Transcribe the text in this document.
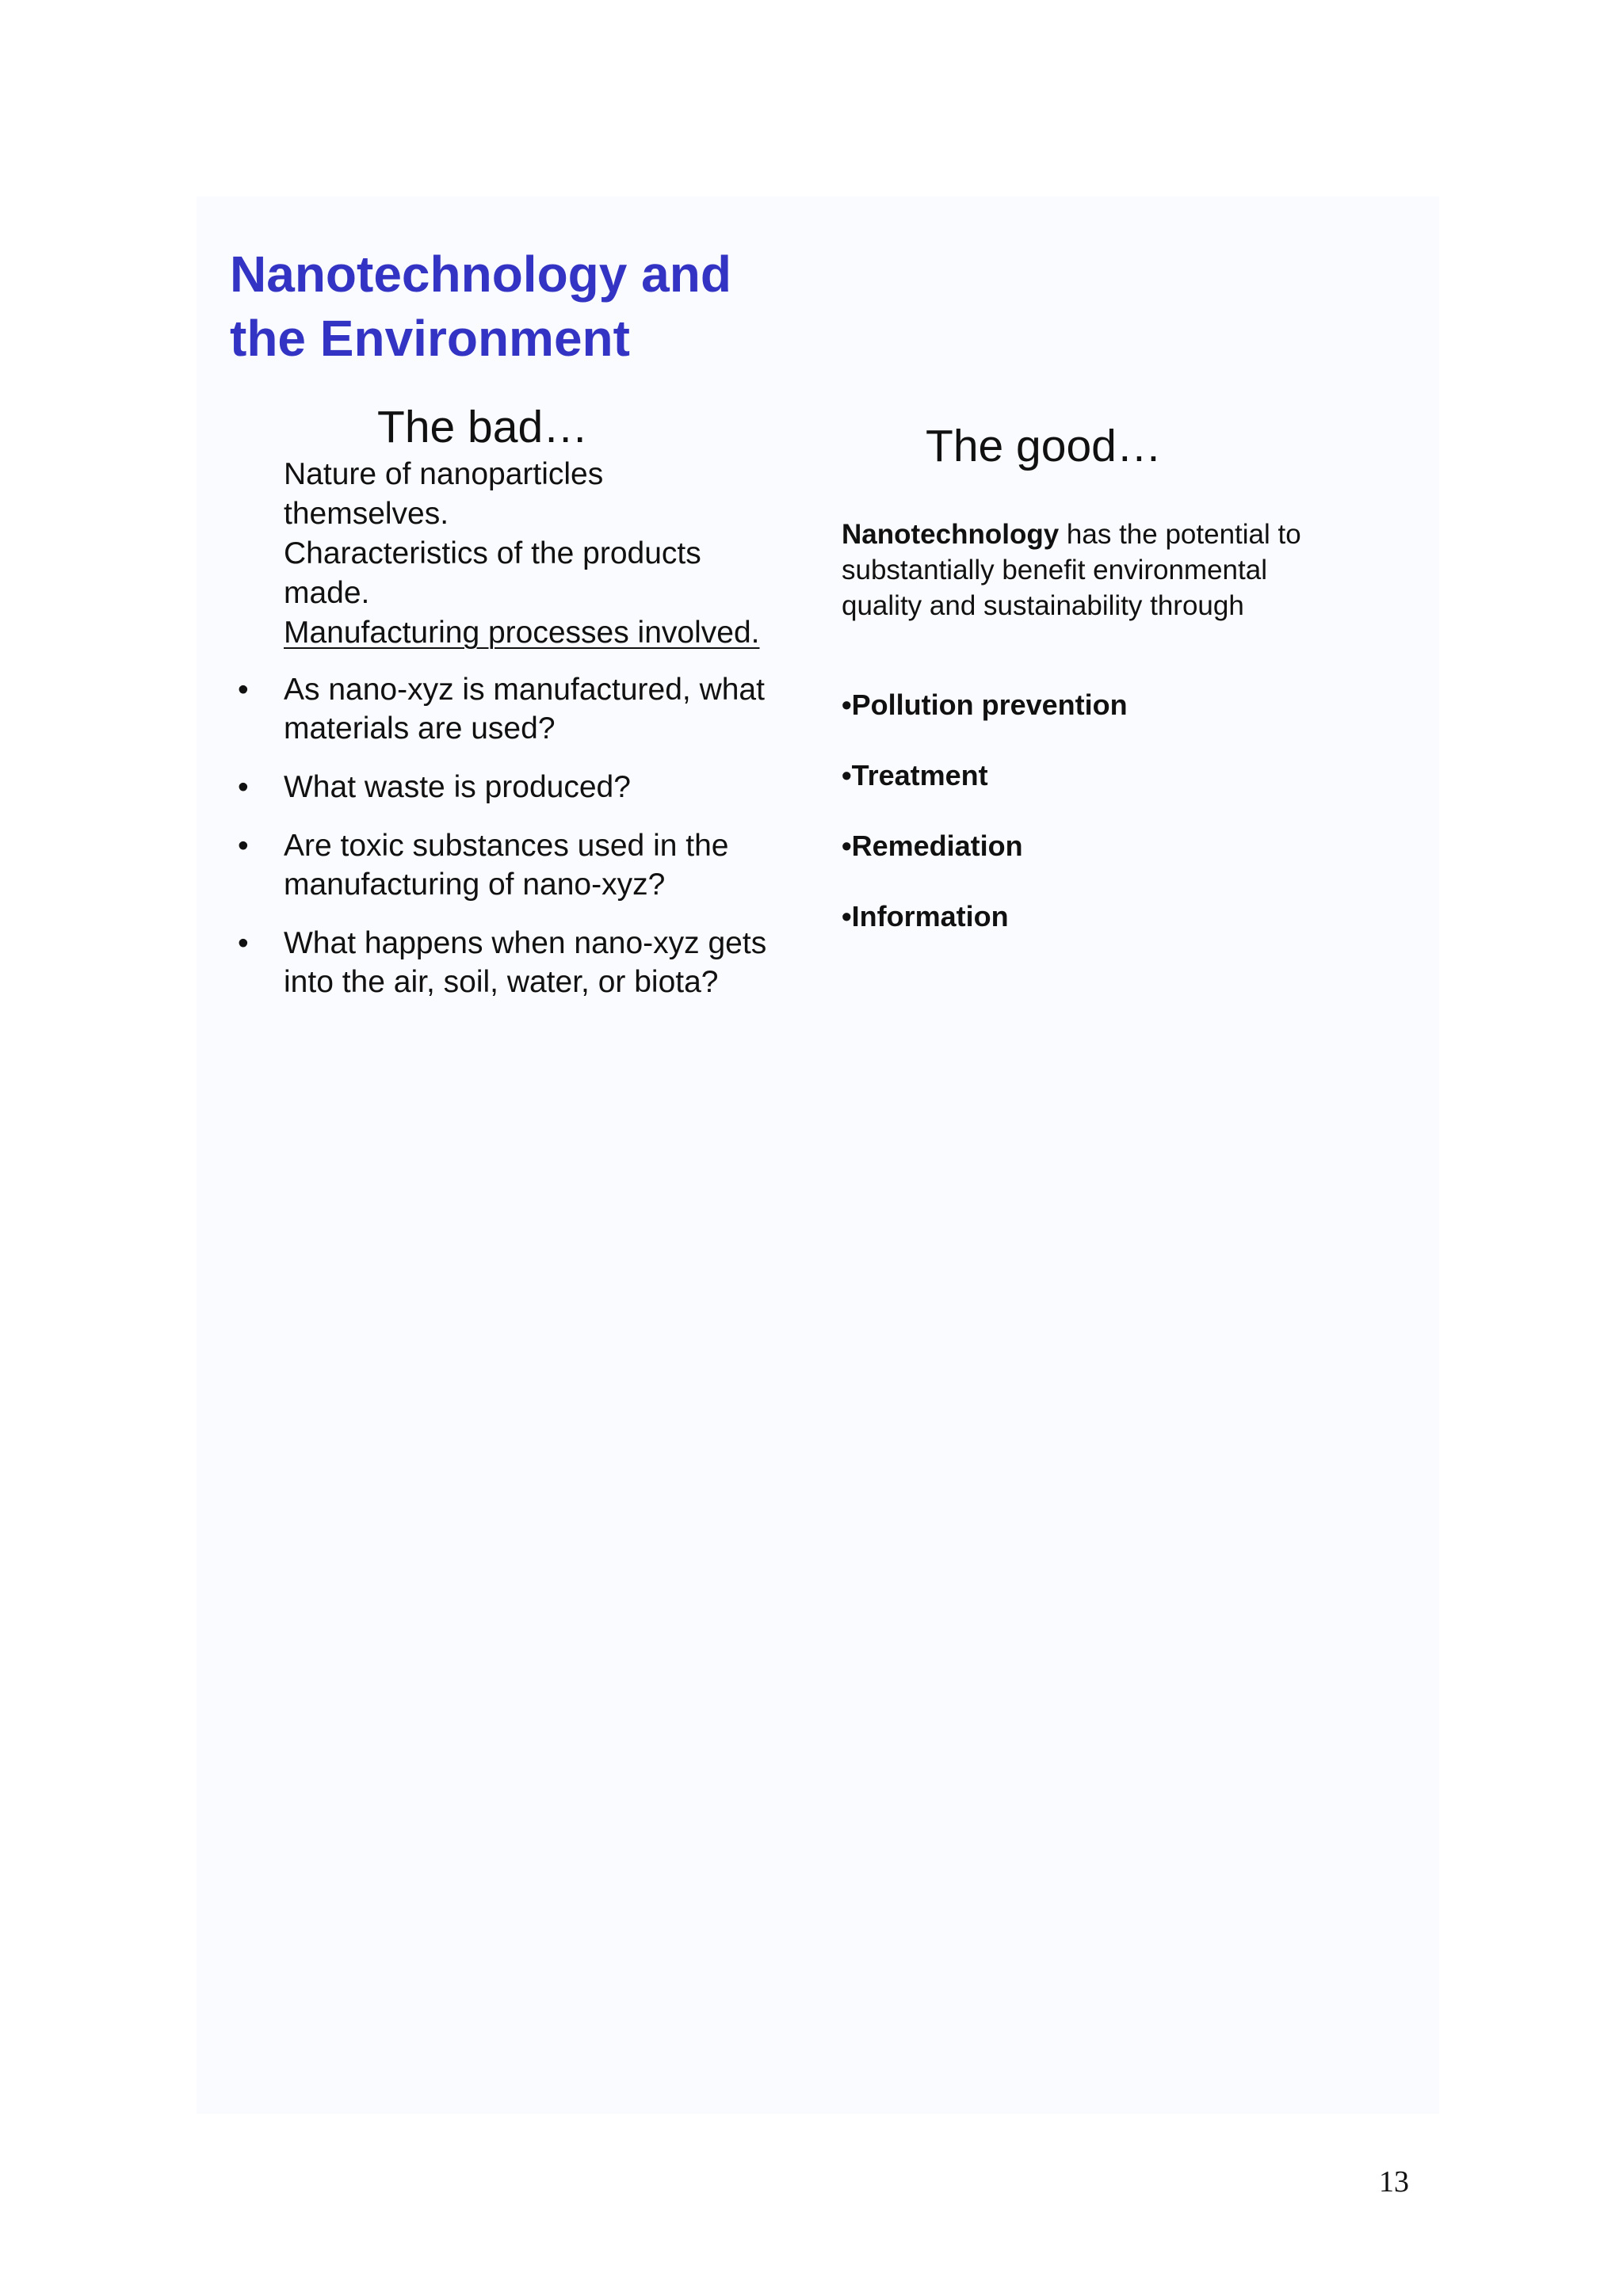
Nanotechnology and
the Environment
The bad…
Nature of nanoparticles
themselves.
Characteristics of the products
made.
Manufacturing processes involved.
•	As nano-xyz is manufactured, what materials are used?
•	What waste is produced?
•	Are toxic substances used in the manufacturing of nano-xyz?
•	What happens when nano-xyz gets into the air, soil, water, or biota?
The good…

Nanotechnology has the potential to substantially benefit environmental quality and sustainability through

•Pollution prevention
•Treatment
•Remediation
•Information
13
